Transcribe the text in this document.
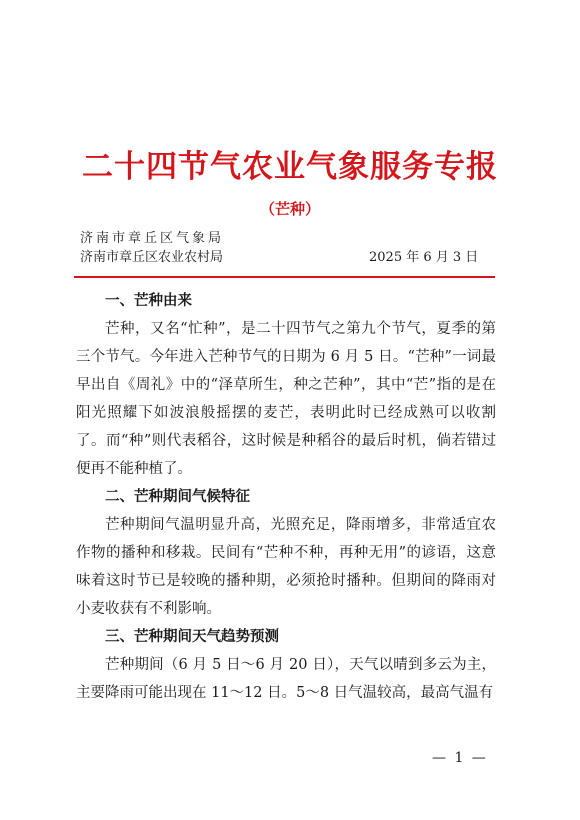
二十四节气农业气象服务专报
（芒种）
济南市章丘区气象局
济南市章丘区农业农村局	2025 年 6 月 3 日

一、芒种由来

芒种，又名“忙种”，是二十四节气之第九个节气，夏季的第三个节气。今年进入芒种节气的日期为 6 月 5 日。“芒种”一词最早出自《周礼》中的“泽草所生，种之芒种”，其中“芒”指的是在阳光照耀下如波浪般摇摆的麦芒，表明此时已经成熟可以收割了。而“种”则代表稻谷，这时候是种稻谷的最后时机，倘若错过便再不能种植了。

二、芒种期间气候特征

芒种期间气温明显升高，光照充足，降雨增多，非常适宜农作物的播种和移栽。民间有“芒种不种，再种无用”的谚语，这意味着这时节已是较晚的播种期，必须抢时播种。但期间的降雨对小麦收获有不利影响。

三、芒种期间天气趋势预测

芒种期间（6 月 5 日～6 月 20 日），天气以晴到多云为主，主要降雨可能出现在 11～12 日。5～8 日气温较高，最高气温有

— 1 —
